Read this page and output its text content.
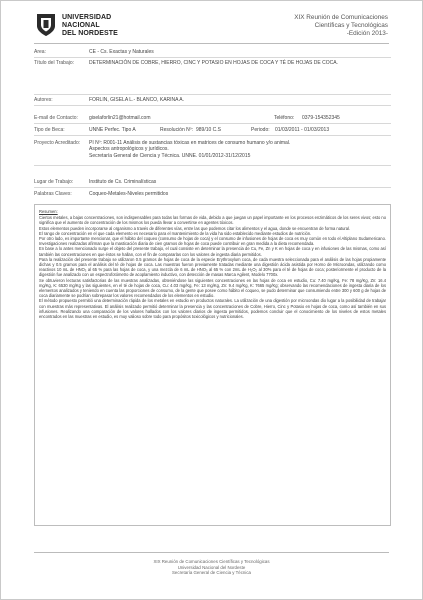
UNIVERSIDAD
NACIONAL
DEL NORDESTE
XIX Reunión de Comunicaciones
Científicas y Tecnológicas
-Edición 2013-
Area:	CE - Cs. Exactas y Naturales
Título del Trabajo:	DETERMINACIÓN DE COBRE, HIERRO, CINC Y POTASIO EN HOJAS DE COCA Y TÉ DE HOJAS DE COCA.
Autores:	FORLIN, GISELA L.- BLANCO, KARINA A.
E-mail de Contacto:	giselaforlin21@hotmail.com	Teléfono: 0379-154352345
Tipo de Beca:	UNNE Perfec. Tipo A	Resolución Nº: 989/10 C.S	Periodo: 01/03/2011 - 01/03/2013
Proyecto Acreditado:	PI Nº: R001-11 Análisis de sustancias tóxicas en matrices de consumo humano y/o animal.
Aspectos antropológicos y jurídicos.
Secretaría General de Ciencia y Técnica. UNNE. 01/01/2012-31/12/2015
Lugar de Trabajo:	Instituto de Cs. Criminalísticas
Palabras Claves:	Coqueo-Metales-Niveles permitidos
Resumen:

Ciertos metales, a bajas concentraciones, son indispensables para todas las formas de vida, debido a que juegan un papel importante en los procesos enzimáticos de los seres vivos; esto no significa que el aumento de concentración de los mismos los pueda llevar a convertirse en agentes tóxicos.

Estos elementos pueden incorporarse al organismo a través de diferentes vías, entre las que podemos citar los alimentos y el agua, donde se encuentran de forma natural.

El rango de concentración en el que cada elemento es necesario para el mantenimiento de la vida ha sido establecido mediante estudios de nutrición.

Por otro lado, es importante mencionar, que el hábito del coqueo (consumo de hojas de coca) y el consumo de infusiones de hojas de coca es muy común en todo el Altiplano Sudamericano. Investigaciones realizadas afirman que la masticación diaria de cien gramos de hojas de coca puede contribuir en gran medida a la dieta recomendada.

En base a lo antes mencionado surge el objeto del presente trabajo, el cual consiste en determinar la presencia de Cu, Fe, Zn y K en hojas de coca y en infusiones de las mismas, como así también las concentraciones en que éstos se hallan, con el fin de compararlas con los valores de ingesta diaria permitidos.

Para la realización del presente trabajo se utilizaron 0.5 gramos de hojas de coca de la especie Erythroxylum coca, de cada muestra seleccionada para el análisis de las hojas propiamente dichas y 0.5 gramos para el análisis del té de hojas de coca. Las muestras fueron previamente tratadas mediante una digestión ácida asistida por Horno de Microondas, utilizando como reactivos 10 mL de HNO₃ al 65 % para las hojas de coca, y una mezcla de 6 mL de HNO₃ al 65 % con 2mL de H₂O₂ al 30% para el té de hojas de coca; posteriormente el producto de la digestión fue analizado con un espectrofotómetro de acoplamiento inductivo, con detección de masas Marca Agilent, Modelo 7700x.

Se obtuvieron lecturas satisfactorias de las muestras analizadas, obteniéndose las siguientes concentraciones en las hojas de coca en estudio, Cu: 7.40 mg/Kg, Fe: 78 mg/Kg, Zn: 16.4 mg/Kg, K: 6530 mg/Kg y las siguientes, en el té de hojas de coca, Cu: 4.03 mg/Kg, Fe: 13 mg/Kg, Zn: 9.4 mg/Kg, K: 7665 mg/Kg; observando las recomendaciones de ingesta diaria de los elementos analizados y teniendo en cuenta las proporciones de consumo, de la gente que posee como hábito el coqueo, se pudo determinar que consumiendo entre 300 y 600 g de hojas de coca diariamente se podrían sobrepasar los valores recomendados de los elementos en estudio.

El método propuesto permitió una determinación rápida de los metales en estudio en productos naturales. La utilización de una digestión por microondas dio lugar a la posibilidad de trabajar con muestras más representativas. El análisis realizado permitió determinar la presencia y las concentraciones de Cobre, Hierro, Cinc y Potasio en hojas de coca, como así también en sus infusiones. Realizando una comparación de los valores hallados con los valores diarios de ingesta permitidos, podemos concluir que el conocimiento de los niveles de estos metales encontrados en las muestras en estudio, es muy valioso sobre todo para propósitos toxicológicos y nutricionales.

XIX Reunión de Comunicaciones Científicas y Tecnológicas
Universidad Nacional del Nordeste
Secretaría General de Ciencia y Técnica
